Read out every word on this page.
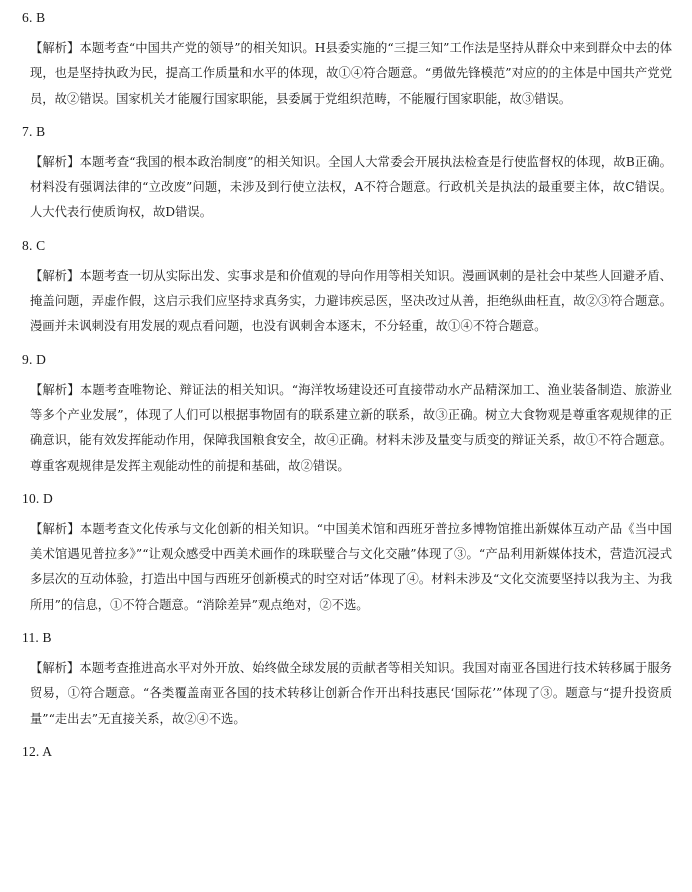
6. B
【解析】本题考查“中国共产党的领导”的相关知识。H县委实施的“三提三知”工作法是坚持从群众中来到群众中去的体现，也是坚持执政为民，提高工作质量和水平的体现，故①④符合题意。“勇做先锋模范”对应的的主体是中国共产党党员，故②错误。国家机关才能履行国家职能，县委属于党组织范畴，不能履行国家职能，故③错误。
7. B
【解析】本题考查“我国的根本政治制度”的相关知识。全国人大常委会开展执法检查是行使监督权的体现，故B正确。材料没有强调法律的“立改废”问题，未涉及到行使立法权，A不符合题意。行政机关是执法的最重要主体，故C错误。人大代表行使质询权，故D错误。
8. C
【解析】本题考查一切从实际出发、实事求是和价值观的导向作用等相关知识。漫画讽刺的是社会中某些人回避矛盾、掩盖问题，弄虚作假，这启示我们应坚持求真务实，力避讳疾忌医，坚决改过从善，拒绝纵曲枉直，故②③符合题意。漫画并未讽刺没有用发展的观点看问题，也没有讽刺舍本逐末，不分轻重，故①④不符合题意。
9. D
【解析】本题考查唯物论、辩证法的相关知识。“海洋牧场建设还可直接带动水产品精深加工、渔业装备制造、旅游业等多个产业发展”，体现了人们可以根据事物固有的联系建立新的联系，故③正确。树立大食物观是尊重客观规律的正确意识，能有效发挥能动作用，保障我国粮食安全，故④正确。材料未涉及量变与质变的辩证关系，故①不符合题意。尊重客观规律是发挥主观能动性的前提和基础，故②错误。
10. D
【解析】本题考查文化传承与文化创新的相关知识。“中国美术馆和西班牙普拉多博物馆推出新媒体互动产品《当中国美术馆遇见普拉多》”“让观众感受中西美术画作的珠联璧合与文化交融”体现了③。“产品利用新媒体技术，营造沉浸式多层次的互动体验，打造出中国与西班牙创新模式的时空对话”体现了④。材料未涉及“文化交流要坚持以我为主、为我所用”的信息，①不符合题意。“消除差异”观点绝对，②不选。
11. B
【解析】本题考查推进高水平对外开放、始终做全球发展的贡献者等相关知识。我国对南亚各国进行技术转移属于服务贸易，①符合题意。“各类覆盖南亚各国的技术转移让创新合作开出科技惠民‘国际花’”体现了③。题意与“提升投资质量”“走出去”无直接关系，故②④不选。
12. A
